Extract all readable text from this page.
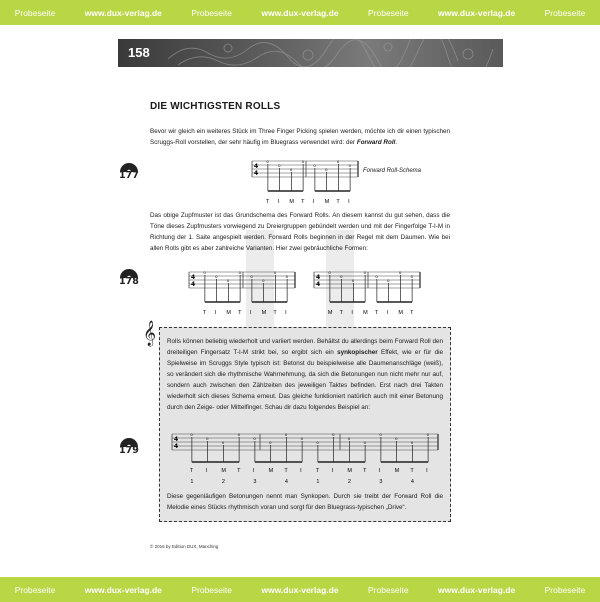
Probeseite	www.dux-verlag.de	Probeseite	www.dux-verlag.de	Probeseite	www.dux-verlag.de	Probeseite
158
DIE WICHTIGSTEN ROLLS

Bevor wir gleich ein weiteres Stück im Three Finger Picking spielen werden, möchte ich dir einen typischen Scruggs-Roll vorstellen, der sehr häufig im Bluegrass verwendet wird: der Forward Roll.

177
178
179
4
4
T I M T I M T I
0
0
0
0
0
0
0
0
Forward Roll-Schema

Das obige Zupfmuster ist das Grundschema des Forward Rolls. An diesem kannst du gut sehen, dass die Töne dieses Zupfmusters vorwiegend zu Dreiergruppen gebündelt werden und mit der Fingerfolge T-I-M in Richtung der 1. Saite angespielt werden. Forward Rolls beginnen in der Regel mit dem Daumen. Wie bei allen Rolls gibt es aber zahlreiche Varianten. Hier zwei gebräuchliche Formen:

4
4
T I M T I M T I
0
0
0
0
0
0
0
0	4
4
M T I M T I M T
0
0
0
0
0
0
0
0
𝄞 Rolls können beliebig wiederholt und variiert werden. Behältst du allerdings beim Forward Roll den dreiteiligen Fingersatz T-I-M strikt bei, so ergibt sich ein synkopischer Effekt, wie er für die Spielweise im Scruggs Style typisch ist: Betonst du beispielweise alle Daumenanschläge (weiß), so verändert sich die rhythmische Wahrnehmung, da sich die Betonungen nun nicht mehr nur auf, sondern auch zwischen den Zählzeiten des jeweiligen Taktes befinden. Erst nach drei Takten wiederholt sich dieses Schema erneut. Das gleiche funktioniert natürlich auch mit einer Betonung durch den Zeige- oder Mittelfinger. Schau dir dazu folgendes Beispiel an:

4
4
T I	M T I	M T I	T I	M T I	M T I
1	2	3	4	1	2	3	4
0
0
0
0
0
0
0
0
0
0
0
0
0
0
0
0

Diese gegenläufigen Betonungen nennt man Synkopen. Durch sie treibt der Forward Roll die Melodie eines Stücks rhythmisch voran und sorgt für den Bluegrass-typischen „Drive“.

© 2016 by Edition DUX, Manching
Probeseite	www.dux-verlag.de	Probeseite	www.dux-verlag.de	Probeseite	www.dux-verlag.de	Probeseite
